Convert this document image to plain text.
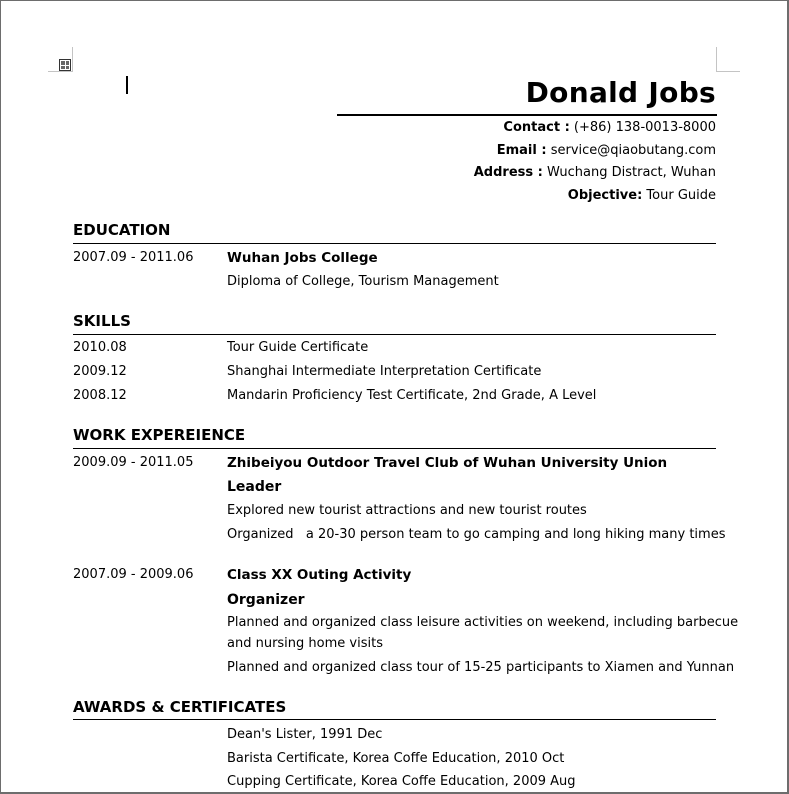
Donald Jobs
Contact : (+86) 138-0013-8000
Email : service@qiaobutang.com
Address : Wuchang Distract, Wuhan
Objective: Tour Guide
EDUCATION
2007.09 - 2011.06 Wuhan Jobs College
Diploma of College, Tourism Management
SKILLS
2010.08	Tour Guide Certificate
2009.12	Shanghai Intermediate Interpretation Certificate
2008.12	Mandarin Proficiency Test Certificate, 2nd Grade, A Level
WORK EXPEREIENCE
2009.09 - 2011.05 Zhibeiyou Outdoor Travel Club of Wuhan University Union
Leader
Explored new tourist attractions and new tourist routes
Organized   a 20-30 person team to go camping and long hiking many times
2007.09 - 2009.06 Class XX Outing Activity
Organizer
Planned and organized class leisure activities on weekend, including barbecue
and nursing home visits
Planned and organized class tour of 15-25 participants to Xiamen and Yunnan
AWARDS & CERTIFICATES
Dean's Lister, 1991 Dec
Barista Certificate, Korea Coffe Education, 2010 Oct
Cupping Certificate, Korea Coffe Education, 2009 Aug
